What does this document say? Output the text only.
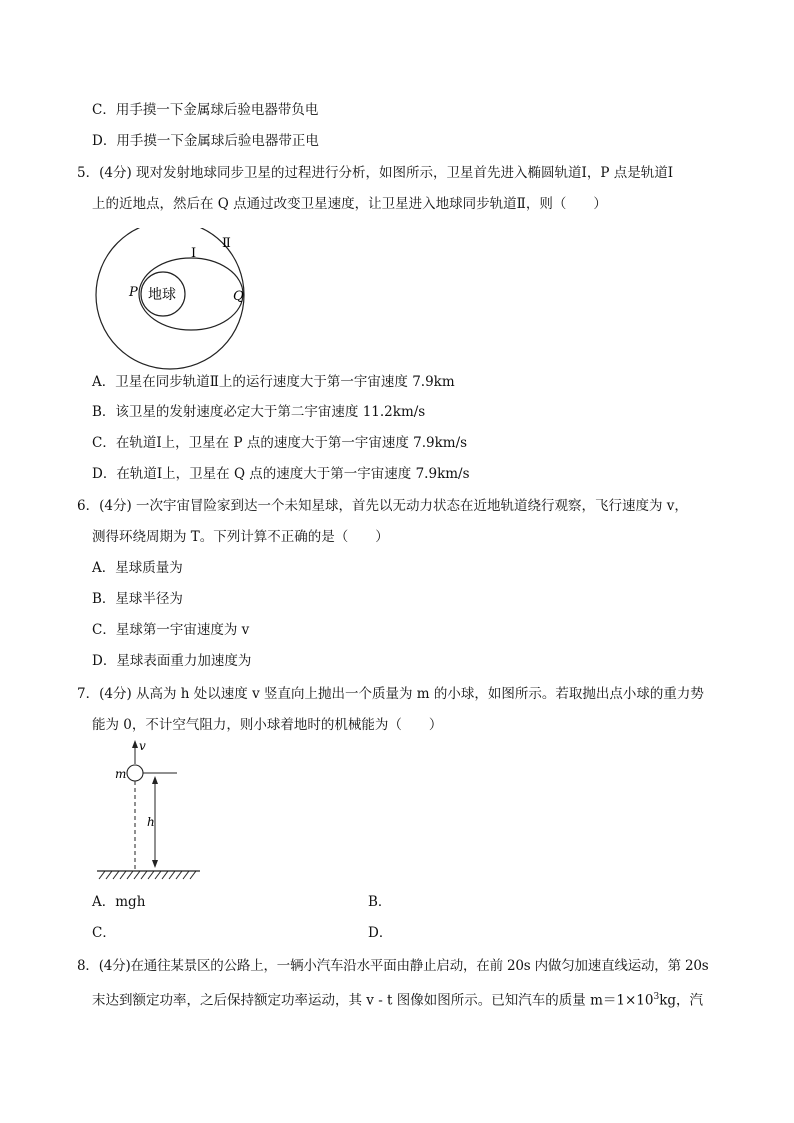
C．用手摸一下金属球后验电器带负电
D．用手摸一下金属球后验电器带正电
5．(4分) 现对发射地球同步卫星的过程进行分析，如图所示，卫星首先进入椭圆轨道Ⅰ，P 点是轨道Ⅰ
上的近地点，然后在 Q 点通过改变卫星速度，让卫星进入地球同步轨道Ⅱ，则（　　）
地球
P	Q
I
Ⅱ
A．卫星在同步轨道Ⅱ上的运行速度大于第一宇宙速度 7.9km
B．该卫星的发射速度必定大于第二宇宙速度 11.2km/s
C．在轨道Ⅰ上，卫星在 P 点的速度大于第一宇宙速度 7.9km/s
D．在轨道Ⅰ上，卫星在 Q 点的速度大于第一宇宙速度 7.9km/s
6．(4分) 一次宇宙冒险家到达一个未知星球，首先以无动力状态在近地轨道绕行观察，飞行速度为 v，
测得环绕周期为 T。下列计算不正确的是（　　）
A．星球质量为
B．星球半径为
C．星球第一宇宙速度为 v
D．星球表面重力加速度为
7．(4分) 从高为 h 处以速度 v 竖直向上抛出一个质量为 m 的小球，如图所示。若取抛出点小球的重力势
能为 0，不计空气阻力，则小球着地时的机械能为（　　）
v
m
h
A．mgh	B．
C．	D．
8．(4分)在通往某景区的公路上，一辆小汽车沿水平面由静止启动，在前 20s 内做匀加速直线运动，第 20s
末达到额定功率，之后保持额定功率运动，其 v - t 图像如图所示。已知汽车的质量 $m=1\times 10^3kg$，汽
